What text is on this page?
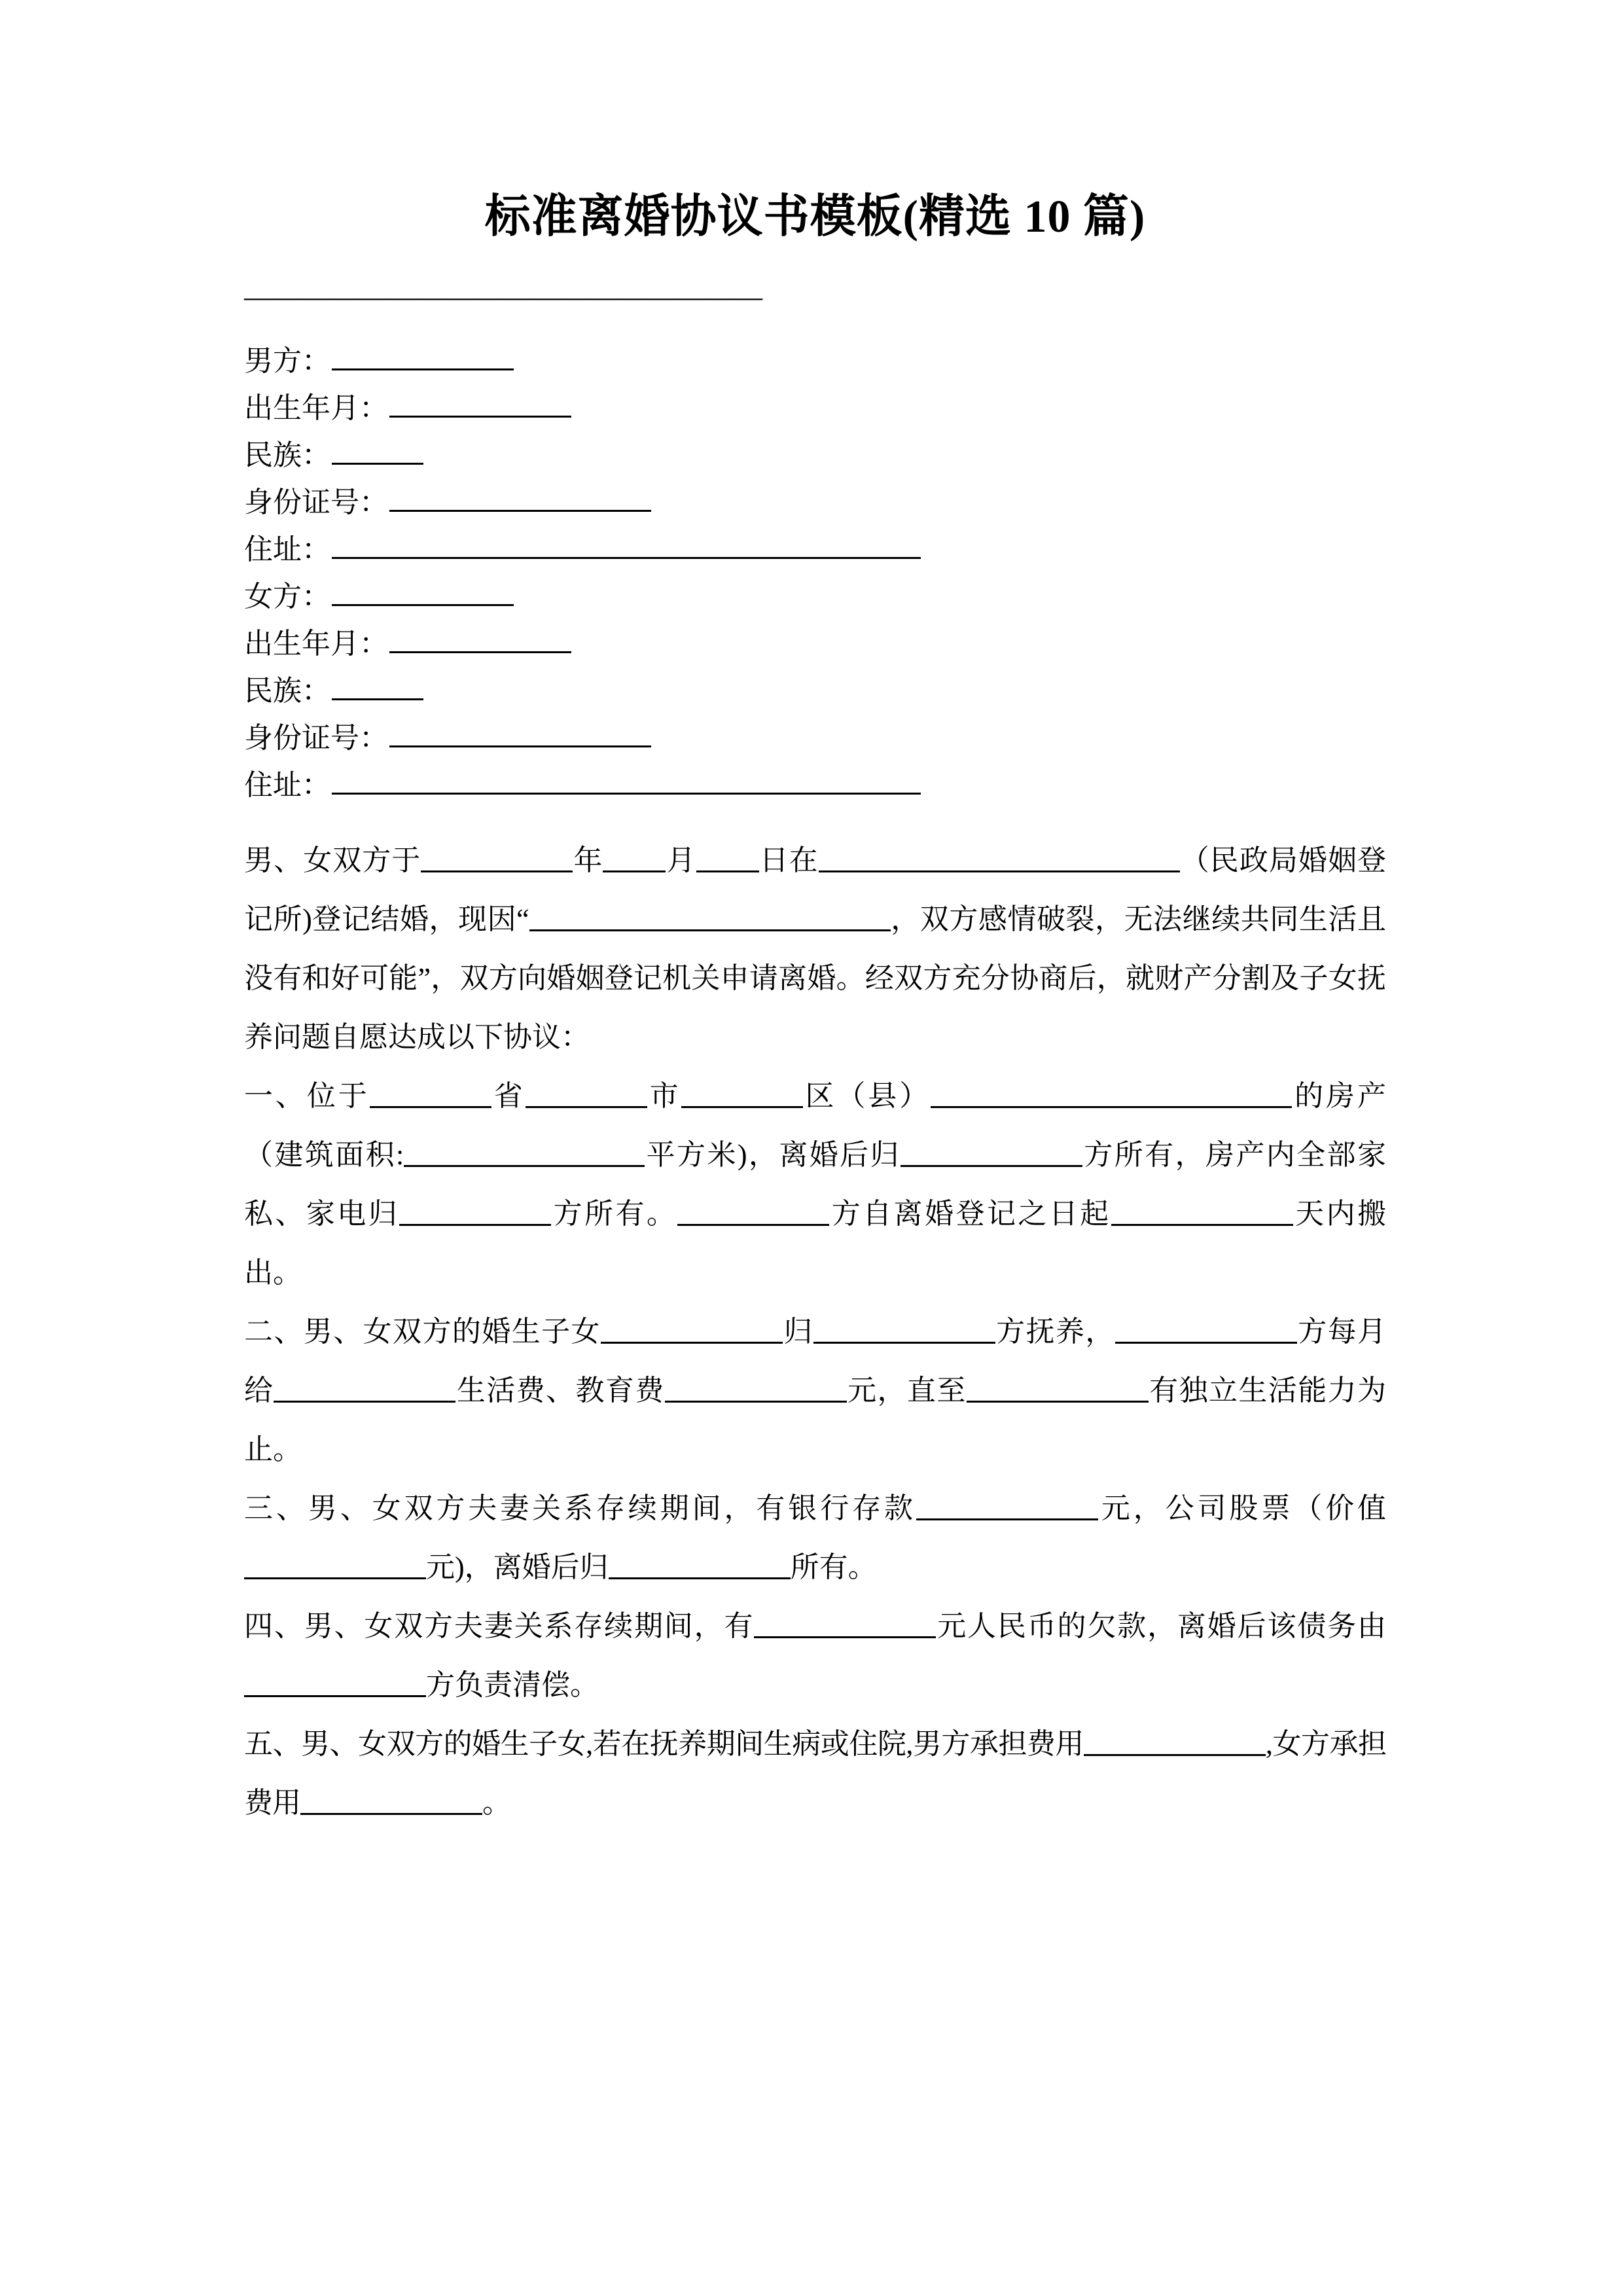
标准离婚协议书模板(精选 10 篇)
——————————————————
男方：
出生年月：
民族：
身份证号：
住址：
女方：
出生年月：
民族：
身份证号：
住址：

男、女双方于	年 月 日在	（民政局婚姻登记所)登记结婚，现因“	，双方感情破裂，无法继续共同生活且没有和好可能”，双方向婚姻登记机关申请离婚。经双方充分协商后，就财产分割及子女抚养问题自愿达成以下协议：

一、位于	省	市	区（县）	的房产（建筑面积:	平方米)，离婚后归	方所有，房产内全部家私、家电归	方所有。	方自离婚登记之日起	天内搬出。

二、男、女双方的婚生子女	归	方抚养，	方每月给	生活费、教育费	元，直至	有独立生活能力为止。

三、男、女双方夫妻关系存续期间，有银行存款	元，公司股票（价值元)，离婚后归	所有。

四、男、女双方夫妻关系存续期间，有	元人民币的欠款，离婚后该债务由方负责清偿。

五、男、女双方的婚生子女,若在抚养期间生病或住院,男方承担费用	,女方承担费用	。
